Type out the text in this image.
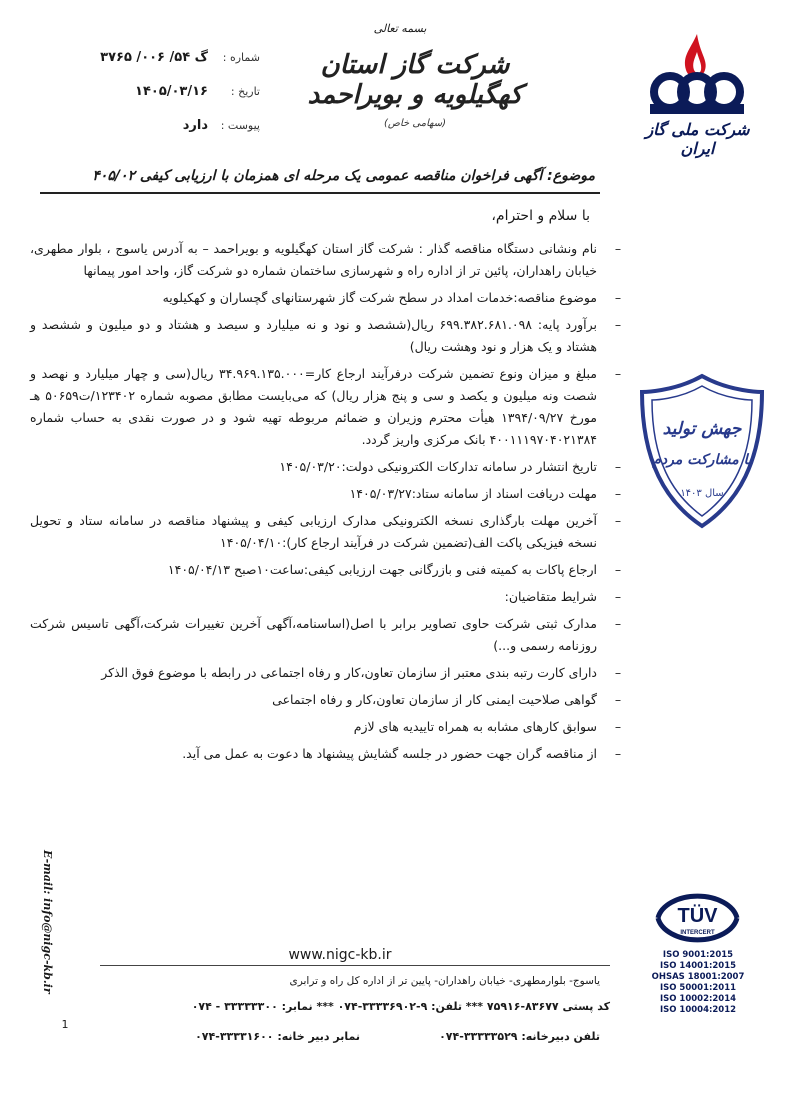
بسمه تعالی
شماره :
گ ۵۴/ ۰۰۶/ ۳۷۶۵
تاریخ :
۱۴۰۵/۰۳/۱۶
پیوست :
دارد
شرکت گاز استان کهگیلویه و بویراحمد
(سهامی خاص)	شرکت ملی گاز ایران
موضوع: آگهی فراخوان مناقصه عمومی یک مرحله ای همزمان با ارزیابی کیفی ۴۰۵/۰۲
با سلام و احترام،
–
نام ونشانی دستگاه مناقصه گذار : شرکت گاز استان کهگیلویه و بویراحمد – به آدرس یاسوج ، بلوار مطهری، خیابان راهداران، پائین تر از اداره راه و شهرسازی ساختمان شماره دو شرکت گاز، واحد امور پیمانها
–
موضوع مناقصه:خدمات امداد در سطح شرکت گاز شهرستانهای گچساران و کهکیلویه
–
برآورد پایه: ۶۹۹.۳۸۲.۶۸۱.۰۹۸ ریال(ششصد و نود و نه میلیارد و سیصد و هشتاد و دو میلیون و ششصد و هشتاد و یک هزار و نود وهشت ریال)
–
مبلغ و میزان ونوع تضمین شرکت درفرآیند ارجاع کار=۳۴.۹۶۹.۱۳۵.۰۰۰ ریال(سی و چهار میلیارد و نهصد و شصت ونه میلیون و یکصد و سی و پنج هزار ریال) که می‌بایست مطابق مصوبه شماره ۱۲۳۴۰۲/ت۵۰۶۵۹ هـ مورخ ۱۳۹۴/۰۹/۲۷ هیأت محترم وزیران و ضمائم مربوطه تهیه شود و در صورت نقدی به حساب شماره ۴۰۰۱۱۱۹۷۰۴۰۲۱۳۸۴ بانک مرکزی واریز گردد.
–
تاریخ انتشار در سامانه تدارکات الکترونیکی دولت:۱۴۰۵/۰۳/۲۰
–
مهلت دریافت اسناد از سامانه ستاد:۱۴۰۵/۰۳/۲۷
–
آخرین مهلت بارگذاری نسخه الکترونیکی مدارک ارزیابی کیفی و پیشنهاد مناقصه در سامانه ستاد و تحویل نسخه فیزیکی پاکت الف(تضمین شرکت در فرآیند ارجاع کار):۱۴۰۵/۰۴/۱۰
–
ارجاع پاکات به کمیته فنی و بازرگانی جهت ارزیابی کیفی:ساعت۱۰صبح ۱۴۰۵/۰۴/۱۳
–
شرایط متقاضیان:
–
مدارک ثبتی شرکت حاوی تصاویر برابر با اصل(اساسنامه،آگهی آخرین تغییرات شرکت،آگهی تاسیس شرکت روزنامه رسمی و...)
–
دارای کارت رتبه بندی معتبر از سازمان تعاون،کار و رفاه اجتماعی در رابطه با موضوع فوق الذکر
–
گواهی صلاحیت ایمنی کار از سازمان تعاون،کار و رفاه اجتماعی
–
سوابق کارهای مشابه به همراه تاییدیه های لازم
–
از مناقصه گران جهت حضور در جلسه گشایش پیشنهاد ها دعوت به عمل می آید.
جهش تولید
با مشارکت مردم
سال ۱۴۰۳
TÜV
INTERCERT
ISO 9001:2015
ISO 14001:2015
OHSAS 18001:2007
ISO 50001:2011
ISO 10002:2014
ISO 10004:2012
E-mail: info@nigc-kb.ir	www.nigc-kb.ir
یاسوج- بلوارمطهری- خیابان راهداران- پایین تر از اداره کل راه و ترابری
کد پستی ۸۳۶۷۷-۷۵۹۱۶ *** تلفن: ۹-۳۳۳۳۶۹۰۲-۰۷۴ *** نمابر: ۳۳۳۳۳۳۰۰ - ۰۷۴
تلفن دبیرخانه: ۳۳۳۳۳۵۲۹-۰۷۴
نمابر دبیر خانه: ۳۳۳۳۱۶۰۰-۰۷۴
1
